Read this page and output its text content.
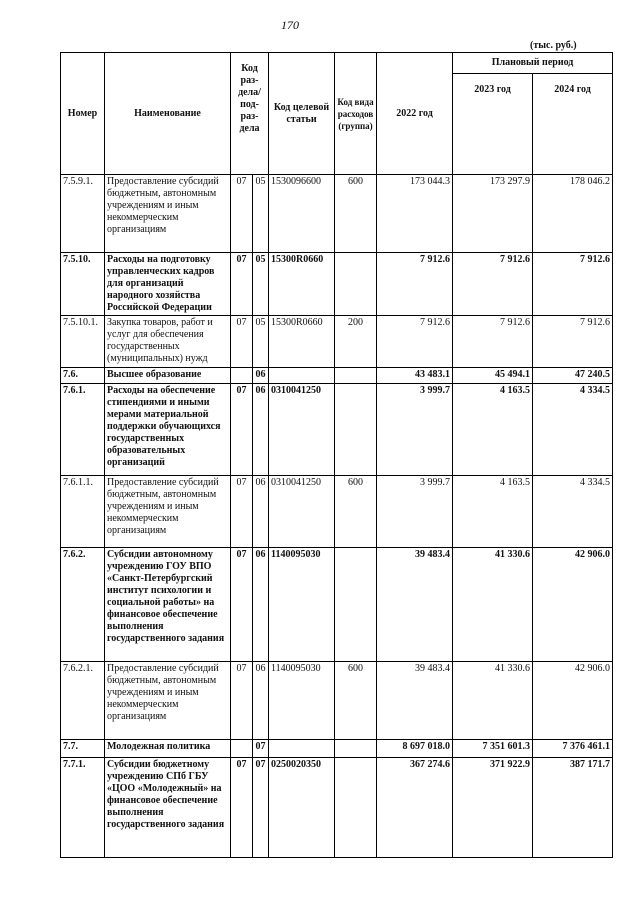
170
(тыс. руб.)
Номер	Наименование	Код раз- дела/ под- раз- дела		Код целевой статьи	Код вида расходов (группа)	2022 год	Плановый период	
							2023 год	2024 год
7.5.9.1.	Предоставление субсидий бюджетным, автономным учреждениям и иным некоммерческим организациям	07	05	1530096600	600	173 044.3	173 297.9	178 046.2
7.5.10.	Расходы на подготовку управленческих кадров для организаций народного хозяйства Российской Федерации	07	05	15300R0660		7 912.6	7 912.6	7 912.6
7.5.10.1.	Закупка товаров, работ и услуг для обеспечения государственных (муниципальных) нужд	07	05	15300R0660	200	7 912.6	7 912.6	7 912.6
7.6.	Высшее образование		06			43 483.1	45 494.1	47 240.5
7.6.1.	Расходы на обеспечение стипендиями и иными мерами материальной поддержки обучающихся государственных образовательных организаций	07	06	0310041250		3 999.7	4 163.5	4 334.5
7.6.1.1.	Предоставление субсидий бюджетным, автономным учреждениям и иным некоммерческим организациям	07	06	0310041250	600	3 999.7	4 163.5	4 334.5
7.6.2.	Субсидии автономному учреждению ГОУ ВПО «Санкт-Петербургский институт психологии и социальной работы» на финансовое обеспечение выполнения государственного задания	07	06	1140095030		39 483.4	41 330.6	42 906.0
7.6.2.1.	Предоставление субсидий бюджетным, автономным учреждениям и иным некоммерческим организациям	07	06	1140095030	600	39 483.4	41 330.6	42 906.0
7.7.	Молодежная политика		07			8 697 018.0	7 351 601.3	7 376 461.1
7.7.1.	Субсидии бюджетному учреждению СПб ГБУ «ЦОО «Молодежный» на финансовое обеспечение выполнения государственного задания	07	07	0250020350		367 274.6	371 922.9	387 171.7
